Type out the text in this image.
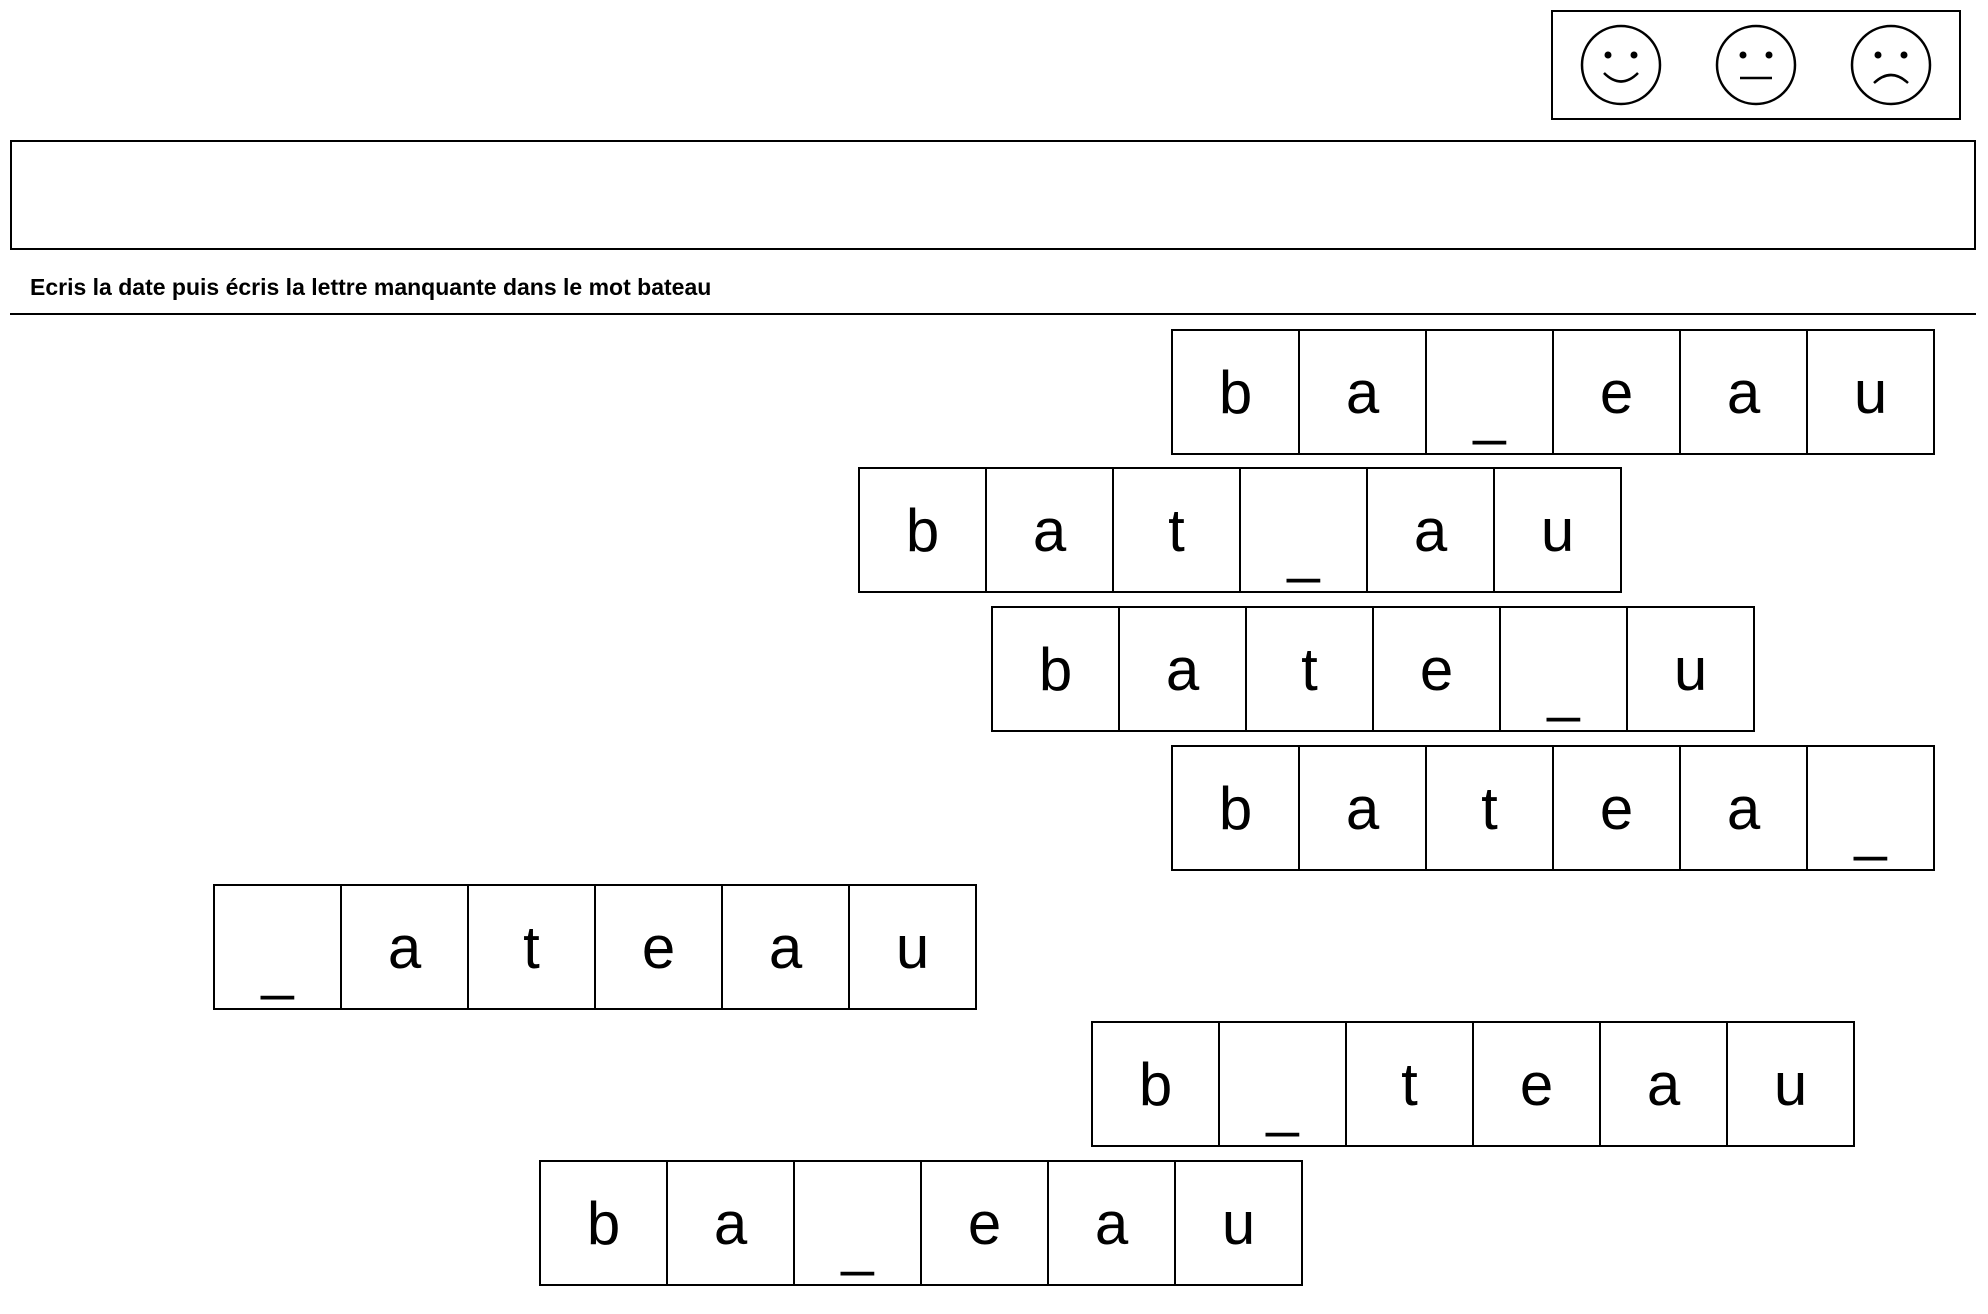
Ecris la date puis écris la lettre manquante dans le mot bateau
b	a	_	e	a	u
b	a	t	_	a	u
b	a	t	e	_	u
b	a	t	e	a	_
_	a	t	e	a	u
b	_	t	e	a	u
b	a	_	e	a	u
